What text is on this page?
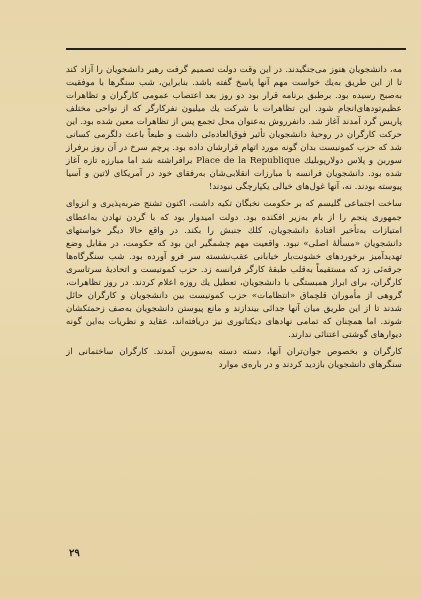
مه، دانشجویان هنوز می‌جنگیدند. در این وقت دولت تصمیم گرفت رهبر دانشجویان را آزاد کند تا از این طریق به‌یك خواست مهم آنها پاسخ گفته باشد. بنابراین، شب سنگرها با موفقیت به‌صبح رسیده بود. برطبق برنامه قرار بود دو روز بعد اعتصاب عمومی کارگران و تظاهرات عظیم‌تودهای‌انجام شود. این تظاهرات با شرکت یك میلیون نفرکارگر که از نواحی مختلف پاریس گرد آمدند آغاز شد. دانفرروش به‌عنوان محل تجمع پس از تظاهرات معین شده بود. این حرکت کارگران در روحیهٔ دانشجویان تأثیر فوق‌العاده‌ئی داشت و طبعاً باعث دلگرمی کسانی شد که حزب کمونیست بدان گونه مورد اتهام قرارشان داده بود. پرچم سرخ در آن روز برفراز سوربن و پلاس دولارپوبلیك Place de la Republique برافراشته شد اما مبارزه تازه آغاز شده بود. دانشجویان فرانسه با مبارزات انقلابی‌شان به‌رفقای خود در آمریکای لاتین و آسیا پیوسته بودند. نه، آنها غول‌های خیالی یکپارچگی نبودند!

ساخت اجتماعی گلیسم که بر حکومت نخبگان تکیه داشت، اکنون تشنج ضربه‌پذیری و انزوای جمهوری پنجم را از بام به‌زیر افکنده بود. دولت امیدوار بود که با گردن نهادن به‌اعطای امتیازات به‌تأخیر افتادهٔ دانشجویان، کلك جنبش را بکند. در واقع حالا دیگر خواستهای دانشجویان «مسألهٔ اصلی» نبود. واقعیت مهم چشمگیر این بود که حکومت، در مقابل وضع تهدیدآمیز برخوردهای خشونت‌بار خیابانی عقب‌نشسته سر فرو آورده بود. شب سنگرگاه‌ها جرقه‌ئی زد که مستقیماً به‌قلب طبقهٔ کارگر فرانسه زد. حزب کمونیست و اتحادیهٔ سرتاسری کارگران، برای ابراز همبستگی با دانشجویان، تعطیل یك روزه اعلام کردند. در روز تظاهرات، گروهی از مأموران قلچماق «انتظامات» حزب کمونیست بین دانشجویان و کارگران حائل شدند تا از این طریق میان آنها جدائی بیندازند و مانع پیوستن دانشجویان به‌صف زحمتکشان شوند. اما همچنان که تمامی نهادهای دیکتاتوری نیز دریافته‌اند، عقاید و نظریات به‌این گونه دیوارهای گوشتی اعتنائی ندارند.

کارگران و بخصوص جوان‌تران آنها، دسته دسته به‌سوربن آمدند. کارگران ساختمانی از سنگرهای دانشجویان بازدید کردند و در باره‌ی موارد

۲۹
